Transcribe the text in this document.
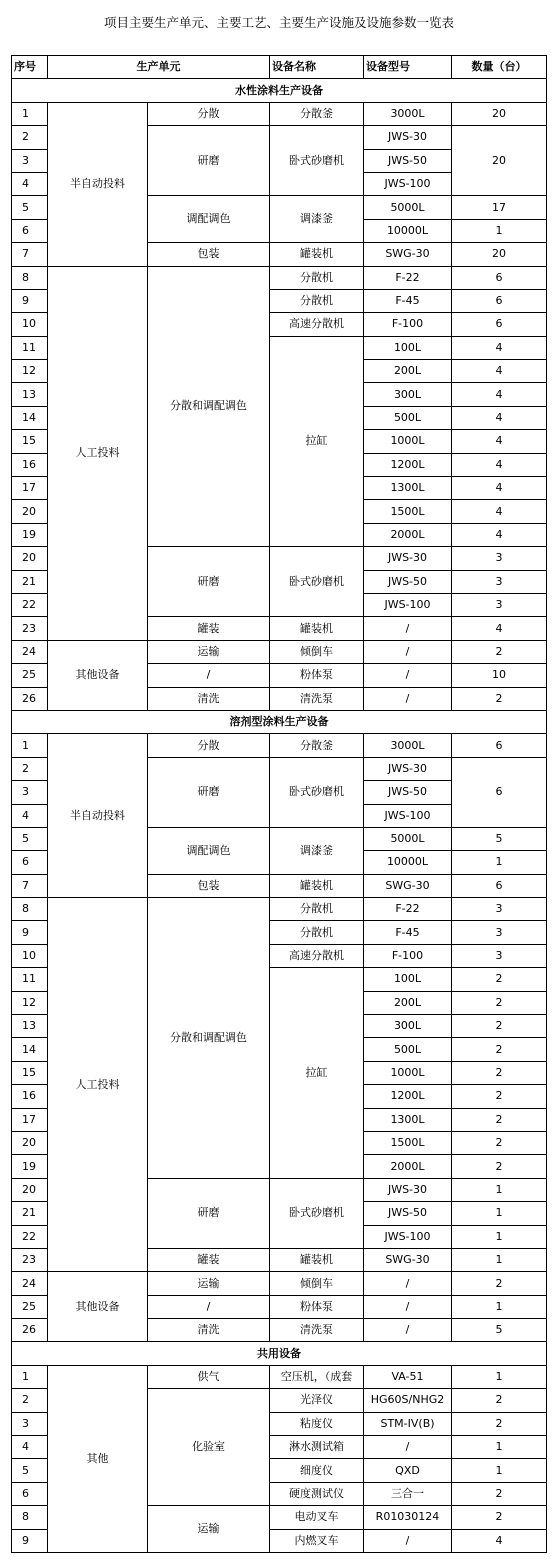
项目主要生产单元、主要工艺、主要生产设施及设施参数一览表
序号	生产单元		设备名称	设备型号	数量（台）
水性涂料生产设备					
1	半自动投料	分散	分散釜	3000L	20
2		研磨	卧式砂磨机	JWS-30	20
3				JWS-50	
4				JWS-100	
5		调配调色	调漆釜	5000L	17
6				10000L	1
7		包装	罐装机	SWG-30	20
8	人工投料	分散和调配调色	分散机	F-22	6
9			分散机	F-45	6
10			高速分散机	F-100	6
11			拉缸	100L	4
12				200L	4
13				300L	4
14				500L	4
15				1000L	4
16				1200L	4
17				1300L	4
20				1500L	4
19				2000L	4
20		研磨	卧式砂磨机	JWS-30	3
21				JWS-50	3
22				JWS-100	3
23		罐装	罐装机	/	4
24	其他设备	运输	倾倒车	/	2
25		/	粉体泵	/	10
26		清洗	清洗泵	/	2
溶剂型涂料生产设备					
1	半自动投料	分散	分散釜	3000L	6
2		研磨	卧式砂磨机	JWS-30	6
3				JWS-50	
4				JWS-100	
5		调配调色	调漆釜	5000L	5
6				10000L	1
7		包装	罐装机	SWG-30	6
8	人工投料	分散和调配调色	分散机	F-22	3
9			分散机	F-45	3
10			高速分散机	F-100	3
11			拉缸	100L	2
12				200L	2
13				300L	2
14				500L	2
15				1000L	2
16				1200L	2
17				1300L	2
20				1500L	2
19				2000L	2
20		研磨	卧式砂磨机	JWS-30	1
21				JWS-50	1
22				JWS-100	1
23		罐装	罐装机	SWG-30	1
24	其他设备	运输	倾倒车	/	2
25		/	粉体泵	/	1
26		清洗	清洗泵	/	5
共用设备					
1	其他	供气	空压机，（成套	VA-51	1
2		化验室	光泽仪	HG60S/NHG2	2
3			粘度仪	STM-IV(B)	2
4			淋水测试箱	/	1
5			细度仪	QXD	1
6			硬度测试仪	三合一	2
8		运输	电动叉车	R01030124	2
9			内燃叉车	/	4
